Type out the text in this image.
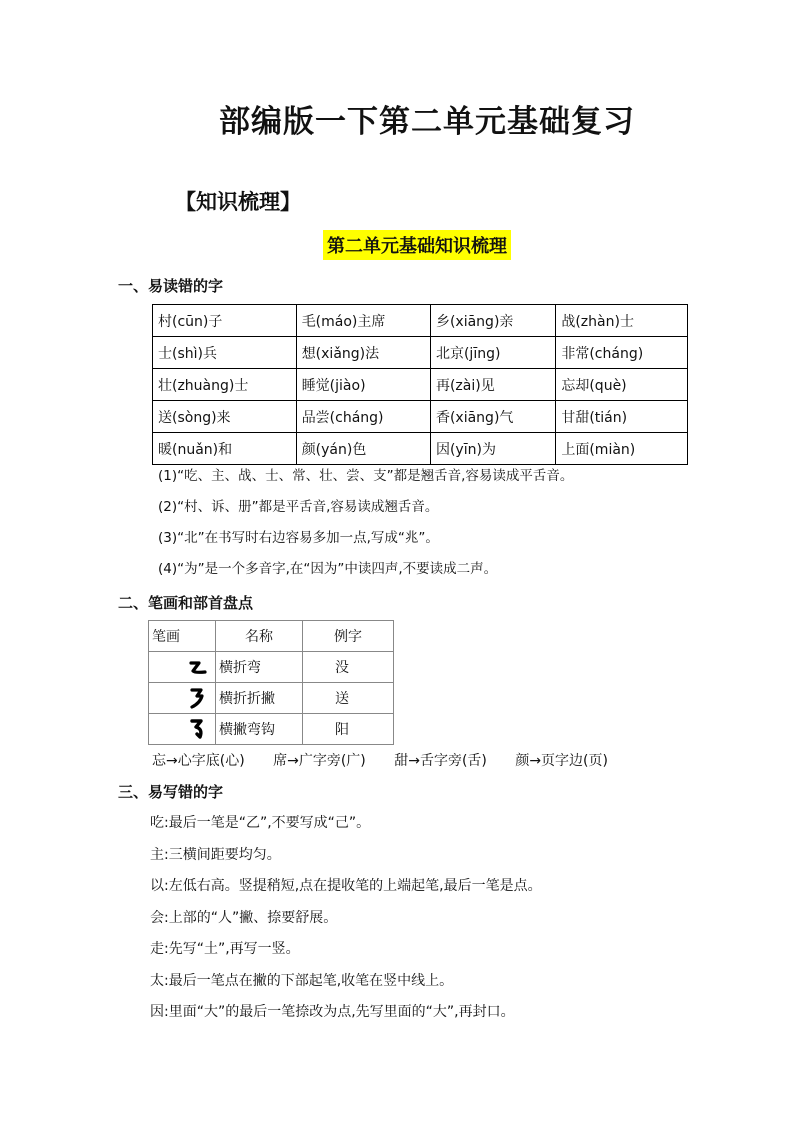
部编版一下第二单元基础复习
【知识梳理】
第二单元基础知识梳理
一、易读错的字
村(cūn)子	毛(máo)主席	乡(xiāng)亲	战(zhàn)士
士(shì)兵	想(xiǎng)法	北京(jīng)	非常(cháng)
壮(zhuàng)士	睡觉(jiào)	再(zài)见	忘却(què)
送(sòng)来	品尝(cháng)	香(xiāng)气	甘甜(tián)
暖(nuǎn)和	颜(yán)色	因(yīn)为	上面(miàn)
(1)“吃、主、战、士、常、壮、尝、支”都是翘舌音,容易读成平舌音。
(2)“村、诉、册”都是平舌音,容易读成翘舌音。
(3)“北”在书写时右边容易多加一点,写成“兆”。
(4)“为”是一个多音字,在“因为”中读四声,不要读成二声。
二、笔画和部首盘点
笔画	名称	例字

	横折弯	没

	横折折撇	送

	横撇弯钩	阳
忘→心字底(心) 席→广字旁(广) 甜→舌字旁(舌) 颜→页字边(页)
三、易写错的字
吃:最后一笔是“乙”,不要写成“己”。
主:三横间距要均匀。
以:左低右高。竖提稍短,点在提收笔的上端起笔,最后一笔是点。
会:上部的“人”撇、捺要舒展。
走:先写“土”,再写一竖。
太:最后一笔点在撇的下部起笔,收笔在竖中线上。
因:里面“大”的最后一笔捺改为点,先写里面的“大”,再封口。
